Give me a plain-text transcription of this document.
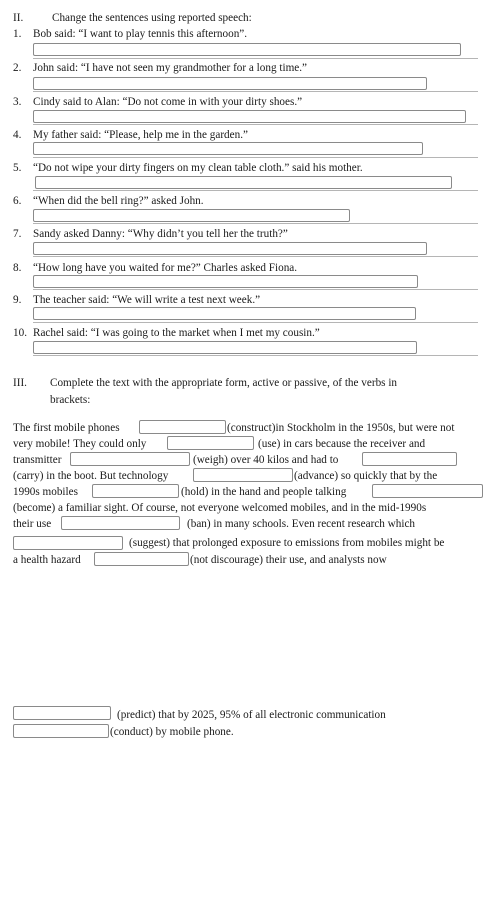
II.	Change the sentences using reported speech:
1. Bob said: “I want to play tennis this afternoon”.
2. John said: “I have not seen my grandmother for a long time.”
3. Cindy said to Alan: “Do not come in with your dirty shoes.”
4. My father said: “Please, help me in the garden.”
5. “Do not wipe your dirty fingers on my clean table cloth.” said his mother.
6. “When did the bell ring?” asked John.
7. Sandy asked Danny: “Why didn’t you tell her the truth?”
8. “How long have you waited for me?” Charles asked Fiona.
9. The teacher said: “We will write a test next week.”
10. Rachel said: “I was going to the market when I met my cousin.”
III. Complete the text with the appropriate form, active or passive, of the verbs in
brackets:
The first mobile phones	(construct)in Stockholm in the 1950s, but were not
very mobile! They could only	(use) in cars because the receiver and
transmitter	(weigh) over 40 kilos and had to
(carry) in the boot. But technology	(advance) so quickly that by the
1990s mobiles	(hold) in the hand and people talking
(become) a familiar sight. Of course, not everyone welcomed mobiles, and in the mid-1990s
their use	(ban) in many schools. Even recent research which
(suggest) that prolonged exposure to emissions from mobiles might be
a health hazard	(not discourage) their use, and analysts now
(predict) that by 2025, 95% of all electronic communication
(conduct) by mobile phone.
